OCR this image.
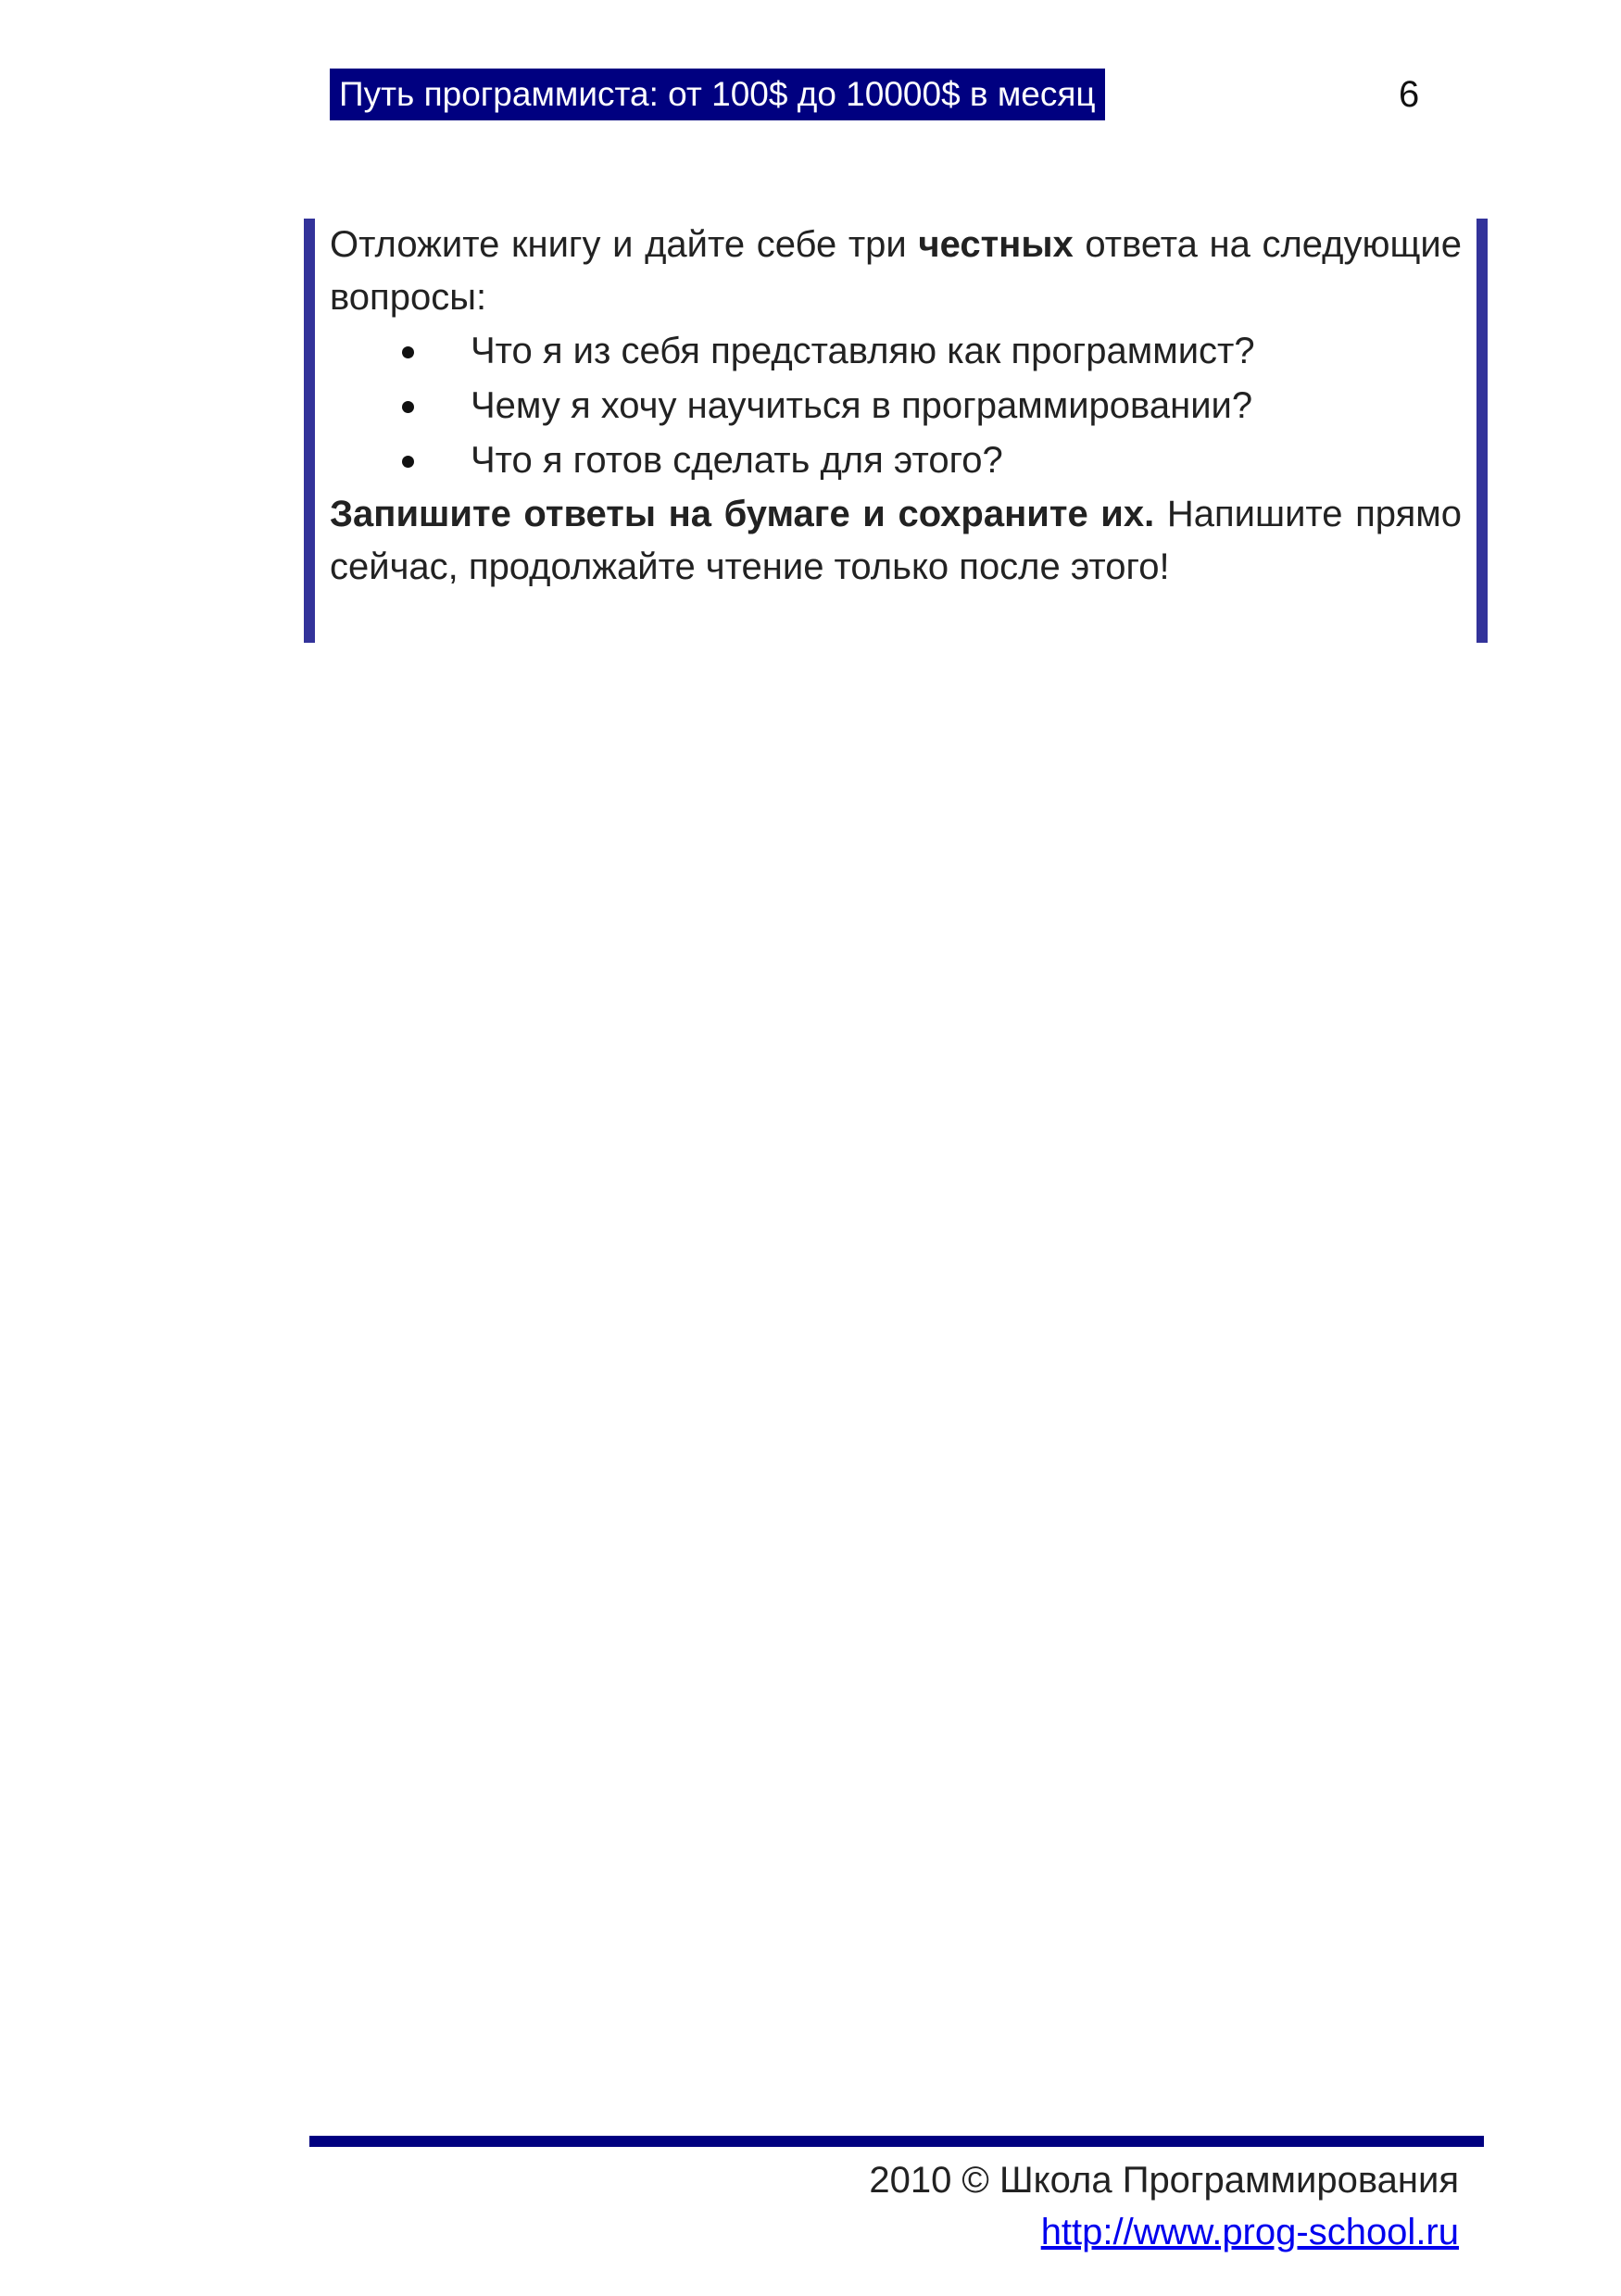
Путь программиста: от 100$ до 10000$ в месяц	6

Отложите книгу и дайте себе три честных ответа на следующие вопросы:

Что я из себя представляю как программист?
Чему я хочу научиться в программировании?
Что я готов сделать для этого?

Запишите ответы на бумаге и сохраните их. Напишите прямо сейчас, продолжайте чтение только после этого!

2010 © Школа Программирования
http://www.prog-school.ru
